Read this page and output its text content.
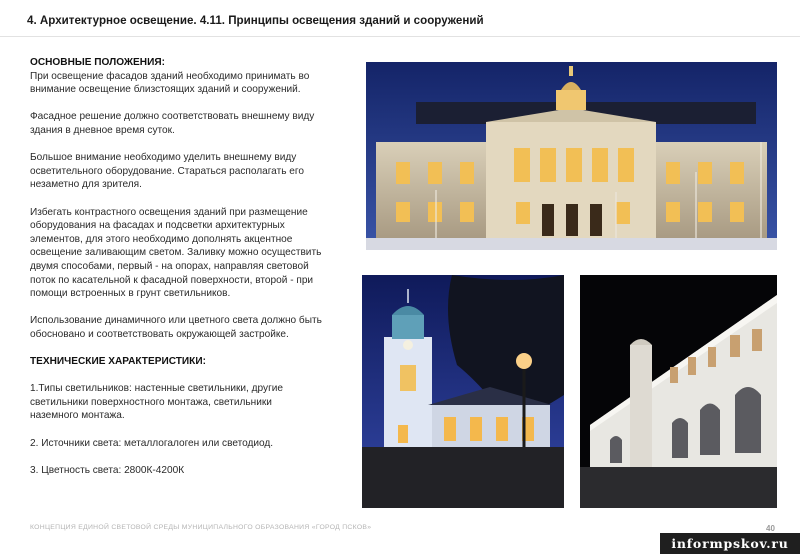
4. Архитектурное освещение. 4.11. Принципы освещения зданий и сооружений

ОСНОВНЫЕ ПОЛОЖЕНИЯ:

При освещение фасадов зданий необходимо принимать во

внимание освещение близстоящих зданий и сооружений.

Фасадное решение должно соответствовать внешнему виду

здания в дневное время суток.

Большое внимание необходимо уделить внешнему виду

осветительного оборудование. Стараться располагать его

незаметно для зрителя.

Избегать контрастного освещения зданий при размещение

оборудования на фасадах и подсветки архитектурных

элементов, для этого необходимо дополнять акцентное

освещение заливающим светом. Заливку можно осуществить

двумя способами, первый - на опорах, направляя световой

поток по касательной к фасадной поверхности, второй - при

помощи встроенных в грунт светильников.

Использование динамичного или цветного света должно быть

обосновано и соответствовать окружающей застройке.

ТЕХНИЧЕСКИЕ ХАРАКТЕРИСТИКИ:

1.Типы светильников: настенные светильники, другие

светильники поверхностного монтажа, светильники

наземного монтажа.

2. Источники света: металлогалоген или светодиод.

3. Цветность света: 2800К-4200К

КОНЦЕПЦИЯ ЕДИНОЙ СВЕТОВОЙ СРЕДЫ МУНИЦИПАЛЬНОГО ОБРАЗОВАНИЯ «ГОРОД ПСКОВ»	40
informpskov.ru
